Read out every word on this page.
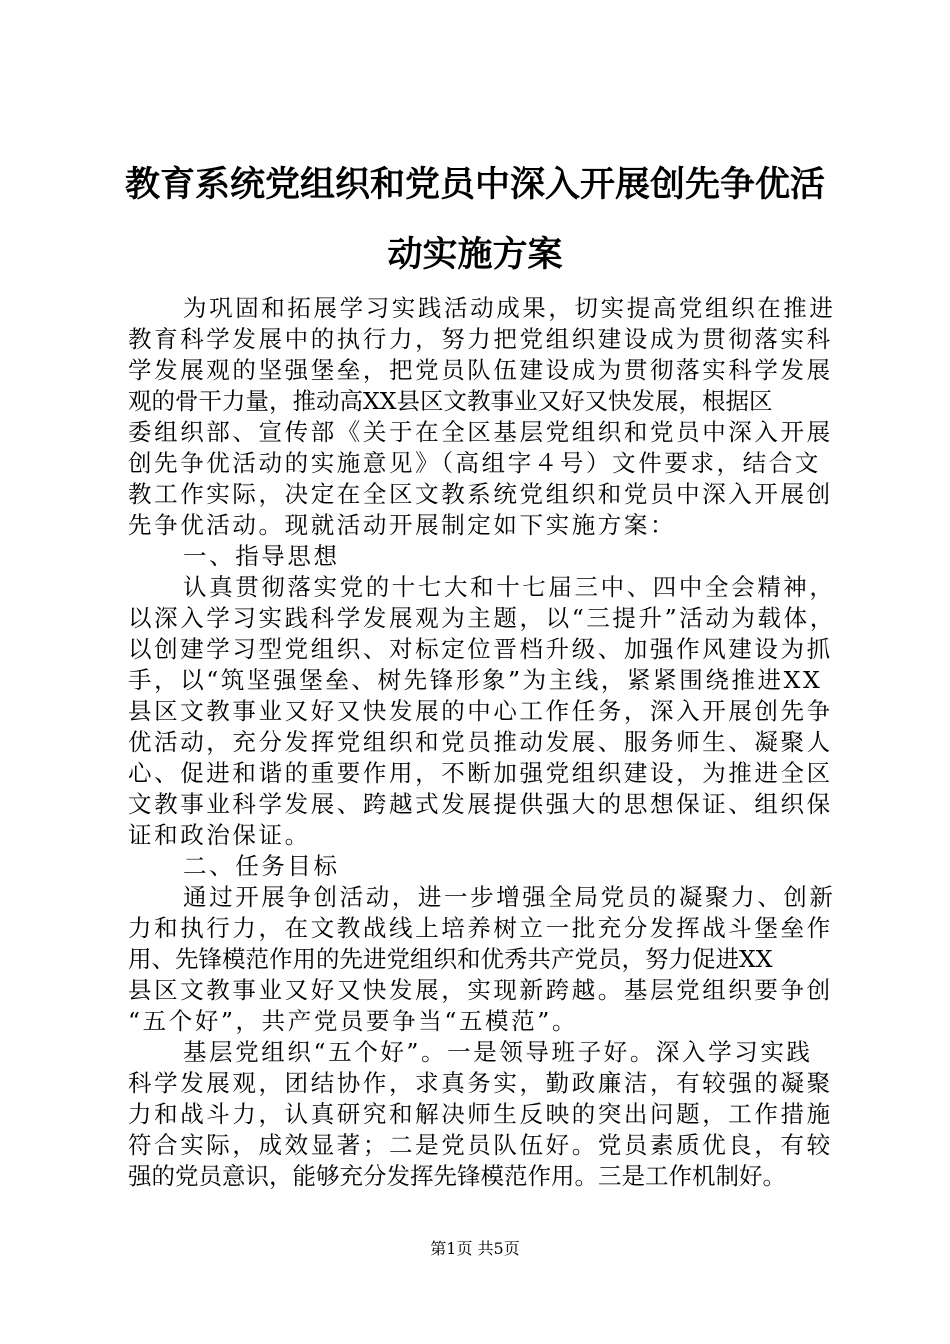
教育系统党组织和党员中深入开展创先争优活
动实施方案
为巩固和拓展学习实践活动成果，切实提高党组织在推进
教育科学发展中的执行力，努力把党组织建设成为贯彻落实科
学发展观的坚强堡垒，把党员队伍建设成为贯彻落实科学发展
观的骨干力量，推动高XX县区文教事业又好又快发展，根据区
委组织部、宣传部《关于在全区基层党组织和党员中深入开展
创先争优活动的实施意见》（高组字４号）文件要求，结合文
教工作实际，决定在全区文教系统党组织和党员中深入开展创
先争优活动。现就活动开展制定如下实施方案：
一、指导思想
认真贯彻落实党的十七大和十七届三中、四中全会精神，
以深入学习实践科学发展观为主题，以“三提升”活动为载体，
以创建学习型党组织、对标定位晋档升级、加强作风建设为抓
手，以“筑坚强堡垒、树先锋形象”为主线，紧紧围绕推进XX
县区文教事业又好又快发展的中心工作任务，深入开展创先争
优活动，充分发挥党组织和党员推动发展、服务师生、凝聚人
心、促进和谐的重要作用，不断加强党组织建设，为推进全区
文教事业科学发展、跨越式发展提供强大的思想保证、组织保
证和政治保证。
二、任务目标
通过开展争创活动，进一步增强全局党员的凝聚力、创新
力和执行力，在文教战线上培养树立一批充分发挥战斗堡垒作
用、先锋模范作用的先进党组织和优秀共产党员，努力促进XX
县区文教事业又好又快发展，实现新跨越。基层党组织要争创
“五个好”，共产党员要争当“五模范”。
基层党组织“五个好”。一是领导班子好。深入学习实践
科学发展观，团结协作，求真务实，勤政廉洁，有较强的凝聚
力和战斗力，认真研究和解决师生反映的突出问题，工作措施
符合实际，成效显著；二是党员队伍好。党员素质优良，有较
强的党员意识，能够充分发挥先锋模范作用。三是工作机制好。
第1页 共5页
